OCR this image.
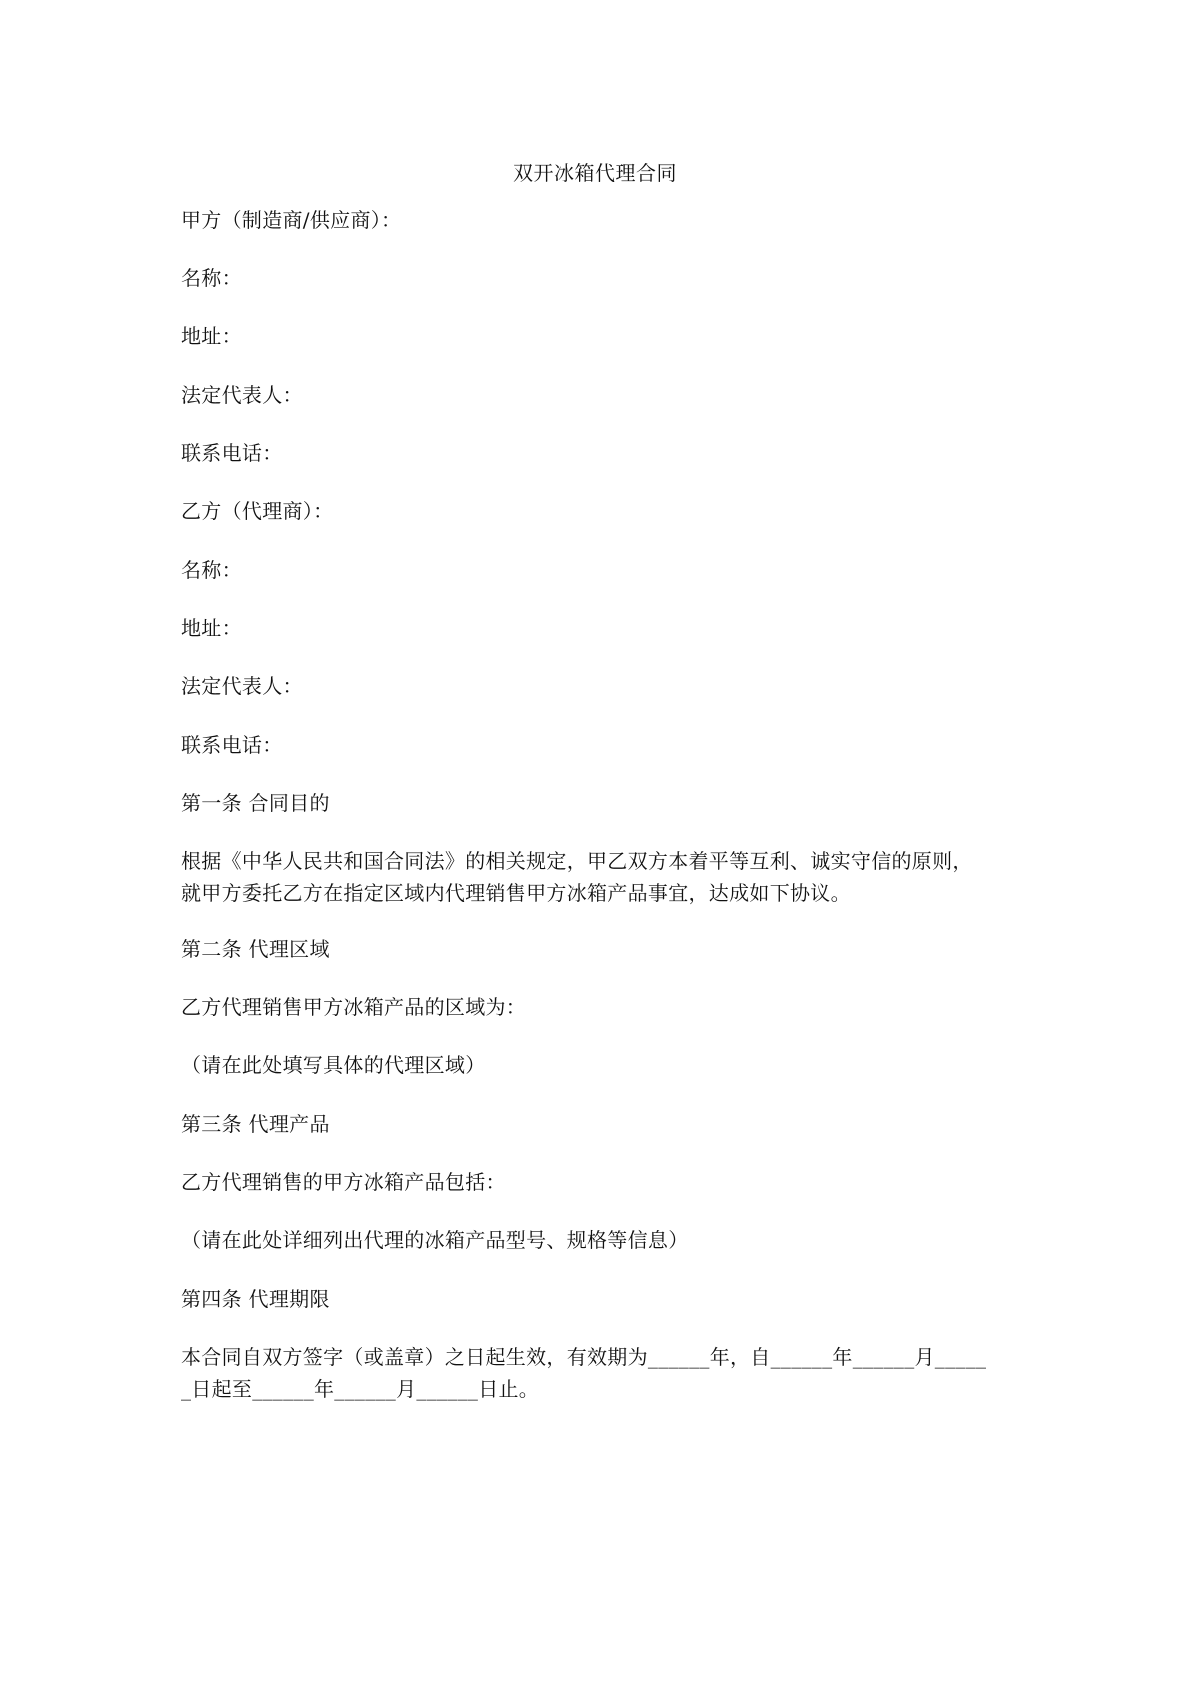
双开冰箱代理合同
甲方（制造商/供应商）：
名称：
地址：
法定代表人：
联系电话：
乙方（代理商）：
名称：
地址：
法定代表人：
联系电话：
第一条 合同目的
根据《中华人民共和国合同法》的相关规定，甲乙双方本着平等互利、诚实守信的原则，
就甲方委托乙方在指定区域内代理销售甲方冰箱产品事宜，达成如下协议。
第二条 代理区域
乙方代理销售甲方冰箱产品的区域为：
（请在此处填写具体的代理区域）
第三条 代理产品
乙方代理销售的甲方冰箱产品包括：
（请在此处详细列出代理的冰箱产品型号、规格等信息）
第四条 代理期限
本合同自双方签字（或盖章）之日起生效，有效期为______年，自______年______月_____
_日起至______年______月______日止。
